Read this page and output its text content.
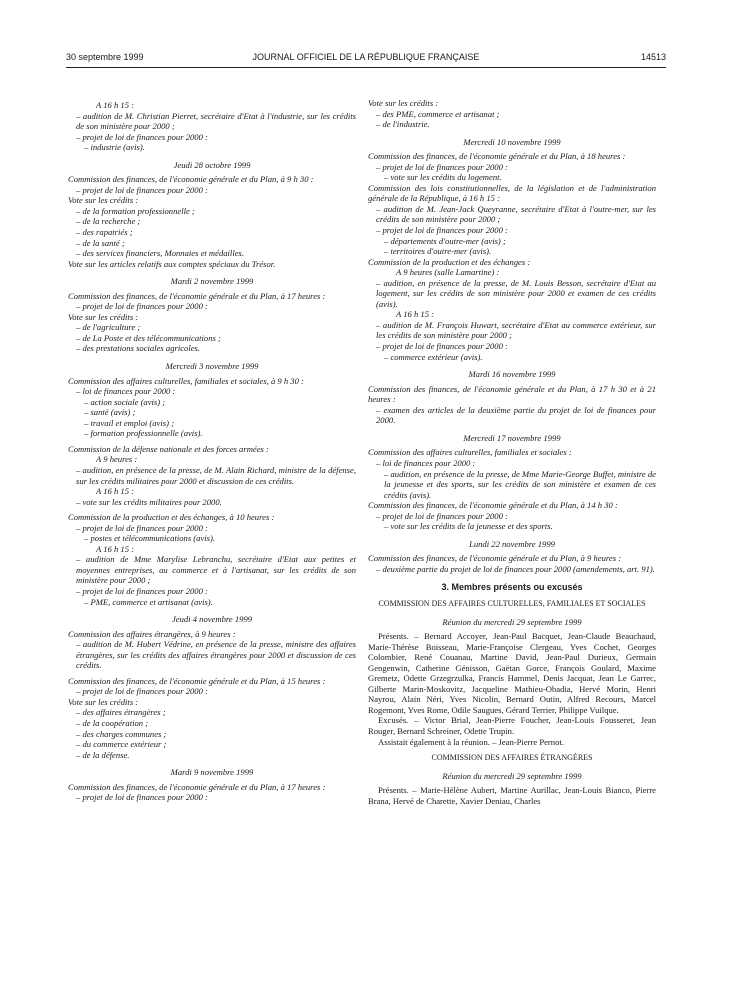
30 septembre 1999	JOURNAL OFFICIEL DE LA RÉPUBLIQUE FRANÇAISE	14513

A 16 h 15 :

– audition de M. Christian Pierret, secrétaire d'Etat à l'industrie, sur les crédits de son ministère pour 2000 ;

– projet de loi de finances pour 2000 :

– industrie (avis).

Jeudi 28 octobre 1999

Commission des finances, de l'économie générale et du Plan, à 9 h 30 :

– projet de loi de finances pour 2000 :

Vote sur les crédits :

– de la formation professionnelle ;

– de la recherche ;

– des rapatriés ;

– de la santé ;

– des services financiers, Monnaies et médailles.

Vote sur les articles relatifs aux comptes spéciaux du Trésor.

Mardi 2 novembre 1999

Commission des finances, de l'économie générale et du Plan, à 17 heures :

– projet de loi de finances pour 2000 :

Vote sur les crédits :

– de l'agriculture ;

– de La Poste et des télécommunications ;

– des prestations sociales agricoles.

Mercredi 3 novembre 1999

Commission des affaires culturelles, familiales et sociales, à 9 h 30 :

– loi de finances pour 2000 :

– action sociale (avis) ;

– santé (avis) ;

– travail et emploi (avis) ;

– formation professionnelle (avis).

Commission de la défense nationale et des forces armées :

A 9 heures :

– audition, en présence de la presse, de M. Alain Richard, ministre de la défense, sur les crédits militaires pour 2000 et discussion de ces crédits.

A 16 h 15 :

– vote sur les crédits militaires pour 2000.

Commission de la production et des échanges, à 10 heures :

– projet de loi de finances pour 2000 :

– postes et télécommunications (avis).

A 16 h 15 :

– audition de Mme Marylise Lebranchu, secrétaire d'Etat aux petites et moyennes entreprises, au commerce et à l'artisanat, sur les crédits de son ministère pour 2000 ;

– projet de loi de finances pour 2000 :

– PME, commerce et artisanat (avis).

Jeudi 4 novembre 1999

Commission des affaires étrangères, à 9 heures :

– audition de M. Hubert Védrine, en présence de la presse, ministre des affaires étrangères, sur les crédits des affaires étrangères pour 2000 et discussion de ces crédits.

Commission des finances, de l'économie générale et du Plan, à 15 heures :

– projet de loi de finances pour 2000 :

Vote sur les crédits :

– des affaires étrangères ;

– de la coopération ;

– des charges communes ;

– du commerce extérieur ;

– de la défense.

Mardi 9 novembre 1999

Commission des finances, de l'économie générale et du Plan, à 17 heures :

– projet de loi de finances pour 2000 :

Vote sur les crédits :

– des PME, commerce et artisanat ;

– de l'industrie.

Mercredi 10 novembre 1999

Commission des finances, de l'économie générale et du Plan, à 18 heures :

– projet de loi de finances pour 2000 :

– vote sur les crédits du logement.

Commission des lois constitutionnelles, de la législation et de l'administration générale de la République, à 16 h 15 :

– audition de M. Jean-Jack Queyranne, secrétaire d'Etat à l'outre-mer, sur les crédits de son ministère pour 2000 ;

– projet de loi de finances pour 2000 :

– départements d'outre-mer (avis) ;

– territoires d'outre-mer (avis).

Commission de la production et des échanges :

A 9 heures (salle Lamartine) :

– audition, en présence de la presse, de M. Louis Besson, secrétaire d'Etat au logement, sur les crédits de son ministère pour 2000 et examen de ces crédits (avis).

A 16 h 15 :

– audition de M. François Huwart, secrétaire d'Etat au commerce extérieur, sur les crédits de son ministère pour 2000 ;

– projet de loi de finances pour 2000 :

– commerce extérieur (avis).

Mardi 16 novembre 1999

Commission des finances, de l'économie générale et du Plan, à 17 h 30 et à 21 heures :

– examen des articles de la deuxième partie du projet de loi de finances pour 2000.

Mercredi 17 novembre 1999

Commission des affaires culturelles, familiales et sociales :

– loi de finances pour 2000 :

– audition, en présence de la presse, de Mme Marie-George Buffet, ministre de la jeunesse et des sports, sur les crédits de son ministère et examen de ces crédits (avis).

Commission des finances, de l'économie générale et du Plan, à 14 h 30 :

– projet de loi de finances pour 2000 :

– vote sur les crédits de la jeunesse et des sports.

Lundi 22 novembre 1999

Commission des finances, de l'économie générale et du Plan, à 9 heures :

– deuxième partie du projet de loi de finances pour 2000 (amendements, art. 91).

3. Membres présents ou excusés

COMMISSION DES AFFAIRES CULTURELLES, FAMILIALES ET SOCIALES

Réunion du mercredi 29 septembre 1999

Présents. – Bernard Accoyer, Jean-Paul Bacquet, Jean-Claude Beauchaud, Marie-Thérèse Boisseau, Marie-Françoise Clergeau, Yves Cochet, Georges Colombier, René Couanau, Martine David, Jean-Paul Durieux, Germain Gengenwin, Catherine Génisson, Gaëtan Gorce, François Goulard, Maxime Gremetz, Odette Grzegrzulka, Francis Hammel, Denis Jacquat, Jean Le Garrec, Gilberte Marin-Moskovitz, Jacqueline Mathieu-Obadia, Hervé Morin, Henri Nayrou, Alain Néri, Yves Nicolin, Bernard Outin, Alfred Recours, Marcel Rogemont, Yves Rome, Odile Saugues, Gérard Terrier, Philippe Vuilque.

Excusés. – Victor Brial, Jean-Pierre Foucher, Jean-Louis Fousseret, Jean Rouger, Bernard Schreiner, Odette Trupin.

Assistait également à la réunion. – Jean-Pierre Pernot.

COMMISSION DES AFFAIRES ÉTRANGÈRES

Réunion du mercredi 29 septembre 1999

Présents. – Marie-Hélène Aubert, Martine Aurillac, Jean-Louis Bianco, Pierre Brana, Hervé de Charette, Xavier Deniau, Charles
